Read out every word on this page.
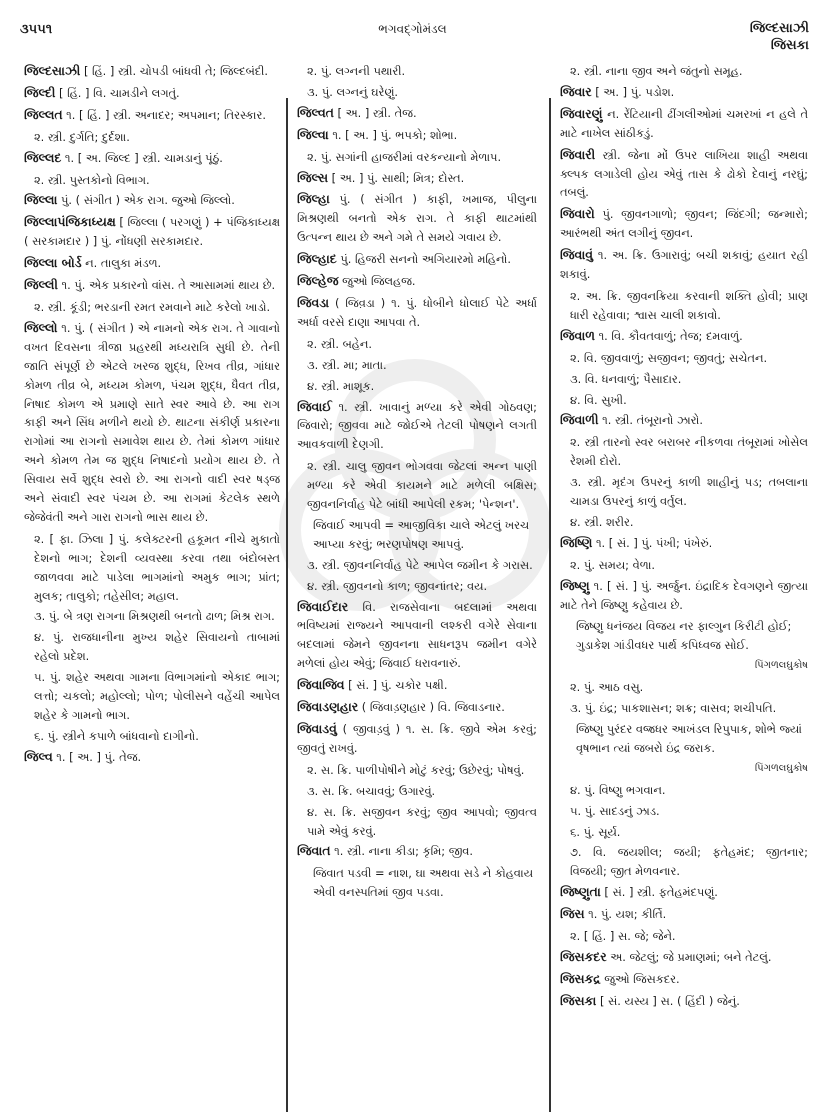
૩૫૫૧	ભગવદ્ગોમંડલ	જિલ્દસાઝી
જિસકા
જિલ્દસાઝી [ હિં. ] સ્ત્રી. ચોપડી બાંધવી તે; જિલ્દબંદી.
જિલ્દી [ હિં. ] વિ. ચામડીને લગતું.
જિલ્લત ૧. [ હિં. ] સ્ત્રી. અનાદર; અપમાન; તિરસ્કાર.
૨. સ્ત્રી. દુર્ગતિ; દુર્દશા.
જિલ્લદ ૧. [ અ. જિલ્દ ] સ્ત્રી. ચામડાનું પૂંઠું.
૨. સ્ત્રી. પુસ્તકોનો વિભાગ.
જિલ્લા પું. ( સંગીત ) એક રાગ. જુઓ જિલ્લો.
જિલ્લાપંજિકાધ્યક્ષ [ જિલ્લા ( પરગણું ) + પંજિકાધ્યક્ષ ( સરકામદાર ) ] પું. નોંધણી સરકામદાર.
જિલ્લા બોર્ડ ન. તાલુકા મંડળ.
જિલ્લી ૧. પું. એક પ્રકારનો વાંસ. તે આસામમાં થાય છે.
૨. સ્ત્રી. કૂંડી; ભરડાની રમત રમવાને માટે કરેલો ખાડો.
જિલ્લો ૧. પું. ( સંગીત ) એ નામનો એક રાગ. તે ગાવાનો વખત દિવસના ત્રીજા પ્રહરથી મધ્યરાત્રિ સુધી છે. તેની જાતિ સંપૂર્ણ છે એટલે ખરજ શુદ્ધ, રિખવ તીવ્ર, ગાંધાર કોમળ તીવ્ર બે, મધ્યમ કોમળ, પંચમ શુદ્ધ, ધૈવત તીવ્ર, નિષાદ કોમળ એ પ્રમાણે સાતે સ્વર આવે છે. આ રાગ કાફી અને સિંધ મળીને થયો છે. થાટના સંકીર્ણ પ્રકારના રાગોમાં આ રાગનો સમાવેશ થાય છે. તેમાં કોમળ ગાંધાર અને કોમળ તેમ જ શુદ્ધ નિષાદનો પ્રયોગ થાય છે. તે સિવાય સર્વે શુદ્ધ સ્વરો છે. આ રાગનો વાદી સ્વર ષડ્જ અને સંવાદી સ્વર પંચમ છે. આ રાગમાં કેટલેક સ્થળે જેજેવંતી અને ગારા રાગનો ભાસ થાય છે.
૨. [ ફા. ઝિલા ] પું. કલેક્ટરની હકૂમત નીચે મુકાતો દેશનો ભાગ; દેશની વ્યવસ્થા કરવા તથા બંદોબસ્ત જાળવવા માટે પાડેલા ભાગમાંનો અમુક ભાગ; પ્રાંત; મુલક; તાલુકો; તહેસીલ; મહાલ.
૩. પું. બે ત્રણ રાગના મિશ્રણથી બનતો ઢાળ; મિશ્ર રાગ.
૪. પું. રાજધાનીના મુખ્ય શહેર સિવાયનો તાબામાં રહેલો પ્રદેશ.
૫. પું. શહેર અથવા ગામના વિભાગમાંનો એકાદ ભાગ; લત્તો; ચકલો; મહોલ્લો; પોળ; પોલીસને વહેંચી આપેલ શહેર કે ગામનો ભાગ.
૬. પું. સ્ત્રીને કપાળે બાંધવાનો દાગીનો.
જિલ્વ ૧. [ અ. ] પું. તેજ.
૨. પું. લગ્નની પથારી.
૩. પું. લગ્નનું ઘરેણું.
જિલ્વત [ અ. ] સ્ત્રી. તેજ.
જિલ્વા ૧. [ અ. ] પું. ભપકો; શોભા.
૨. પું. સગાંની હાજરીમાં વરકન્યાનો મેળાપ.
જિલ્સ [ અ. ] પું. સાથી; મિત્ર; દોસ્ત.
જિલ્હા પું. ( સંગીત ) કાફી, ખમાજ, પીલુના મિશ્રણથી બનતો એક રાગ. તે કાફી થાટમાંથી ઉત્પન્ન થાય છે અને ગમે તે સમયે ગવાય છે.
જિલ્હાદ પું. હિજરી સનનો અગિયારમો મહિનો.
જિલ્હેજ જુઓ જિલહજ.
જિવડા ( જિવ઼ડા ) ૧. પું. ધોબીને ધોલાઈ પેટે અર્ધા અર્ધા વરસે દાણા આપવા તે.
૨. સ્ત્રી. બહેન.
૩. સ્ત્રી. મા; માતા.
૪. સ્ત્રી. માશૂક.
જિવાઈ ૧. સ્ત્રી. ખાવાનું મળ્યા કરે એવી ગોઠવણ; જિવારો; જીવવા માટે જોઈએ તેટલી પોષણને લગતી આવકવાળી દેણગી.
૨. સ્ત્રી. ચાલુ જીવન ભોગવવા જેટલાં અન્ન પાણી મળ્યા કરે એવી કાયમને માટે મળેલી બક્ષિસ; જીવનનિર્વાહ પેટે બાંધી આપેલી રકમ; 'પેન્શન'.
જિવાઈ આપવી = આજીવિકા ચાલે એટલું ખરચ આપ્યા કરવું; ભરણપોષણ આપવું.
૩. સ્ત્રી. જીવનનિર્વાહ પેટે આપેલ જમીન કે ગરાસ.
૪. સ્ત્રી. જીવનનો કાળ; જીવનાંતર; વય.
જિવાઈદાર વિ. રાજસેવાના બદલામાં અથવા ભવિષ્યમાં રાજ્યને આપવાની લશ્કરી વગેરે સેવાના બદલામાં જેમને જીવનના સાધનરૂપ જમીન વગેરે મળેલાં હોય એવું; જિવાઈ ધરાવનારું.
જિવાજિવ [ સં. ] પું. ચકોર પક્ષી.
જિવાડણહાર ( જિવાડ઼ણહાર ) વિ. જિવાડનાર.
જિવાડવું ( જીવાડ઼વું ) ૧. સ. ક્રિ. જીવે એમ કરવું; જીવતું રાખવું.
૨. સ. ક્રિ. પાળીપોષીને મોટું કરવું; ઉછેરવું; પોષવું.
૩. સ. ક્રિ. બચાવવું; ઉગારવું.
૪. સ. ક્રિ. સજીવન કરવું; જીવ આપવો; જીવત્વ પામે એવું કરવું.
જિવાત ૧. સ્ત્રી. નાના કીડા; કૃમિ; જીવ.
જિવાત પડવી = નાશ, ઘા અથવા સડે ને કોહવાય એવી વનસ્પતિમાં જીવ પડવા.
૨. સ્ત્રી. નાના જીવ અને જંતુનો સમૂહ.
જિવાર [ અ. ] પું. પડોશ.
જિવારણું ન. રેંટિયાની ઢીંગલીઓમાં ચમરખાં ન હલે તે માટે નાખેલ સાંઠીકડું.
જિવારી સ્ત્રી. જેના મોં ઉપર લાખિયા શાહી અથવા ક્લ્પક લગાડેલી હોય એવું તાસ કે ઢોકો દેવાનું નરઘું; તબલું.
જિવારો પું. જીવનગાળો; જીવન; જિંદગી; જન્મારો; આરંભથી અંત લગીનું જીવન.
જિવાવું ૧. અ. ક્રિ. ઉગારાવું; બચી શકાવું; હયાત રહી શકાવું.
૨. અ. ક્રિ. જીવનક્રિયા કરવાની શક્તિ હોવી; પ્રાણ ધારી રહેવાવા; શ્વાસ ચાલી શકાવો.
જિવાળ ૧. વિ. કૌવતવાળું; તેજ; દમવાળું.
૨. વિ. જીવવાળું; સજીવન; જીવતું; સચેતન.
૩. વિ. ધનવાળું; પૈસાદાર.
૪. વિ. સુખી.
જિવાળી ૧. સ્ત્રી. તંબૂરાનો ઝારો.
૨. સ્ત્રી તારનો સ્વર બરાબર નીકળવા તંબૂરામાં ખોસેલ રેશમી દોરો.
૩. સ્ત્રી. મૃદંગ ઉપરનું કાળી શાહીનું પડ; તબલાના ચામડા ઉપરનું કાળું વર્તુલ.
૪. સ્ત્રી. શરીર.
જિષ્ણિ ૧. [ સં. ] પું. પંખી; પંખેરું.
૨. પું. સમય; વેળા.
જિષ્ણુ ૧. [ સં. ] પું. અર્જુન. ઇંદ્રાદિક દેવગણને જીત્યા માટે તેને જિષ્ણુ કહેવાય છે.
જિષ્ણુ ધનંજય વિજય નર ફાલ્ગુન કિરીટી હોઈ; ગુડાકેશ ગાંડીવધર પાર્થ કપિધ્વજ સોઈ.
પિંગળલઘુકોષ
૨. પું. આઠ વસુ.
૩. પું. ઇંદ્ર; પાકશાસન; શક્ર; વાસવ; શચીપતિ.
જિષ્ણુ પુરંદર વજ્રધર આખંડલ રિપુપાક, શોભે જ્યાં વૃષભાન ત્યાં જબરો ઇંદ્ર જરાક.
પિંગળલઘુકોષ
૪. પું. વિષ્ણુ ભગવાન.
૫. પું. સાદડનું ઝાડ.
૬. પું. સૂર્ય.
૭. વિ. જયશીલ; જયી; ફતેહમંદ; જીતનાર; વિજયી; જીત મેળવનાર.
જિષ્ણુતા [ સં. ] સ્ત્રી. ફતેહમંદપણું.
જિસ ૧. પું. યશ; કીર્તિ.
૨. [ હિં. ] સ. જે; જેને.
જિસકદર અ. જેટલું; જે પ્રમાણમાં; બને તેટલું.
જિસકદ્ર જુઓ જિસકદર.
જિસકા [ સં. યસ્ય ] સ. ( હિંદી ) જેનું.
